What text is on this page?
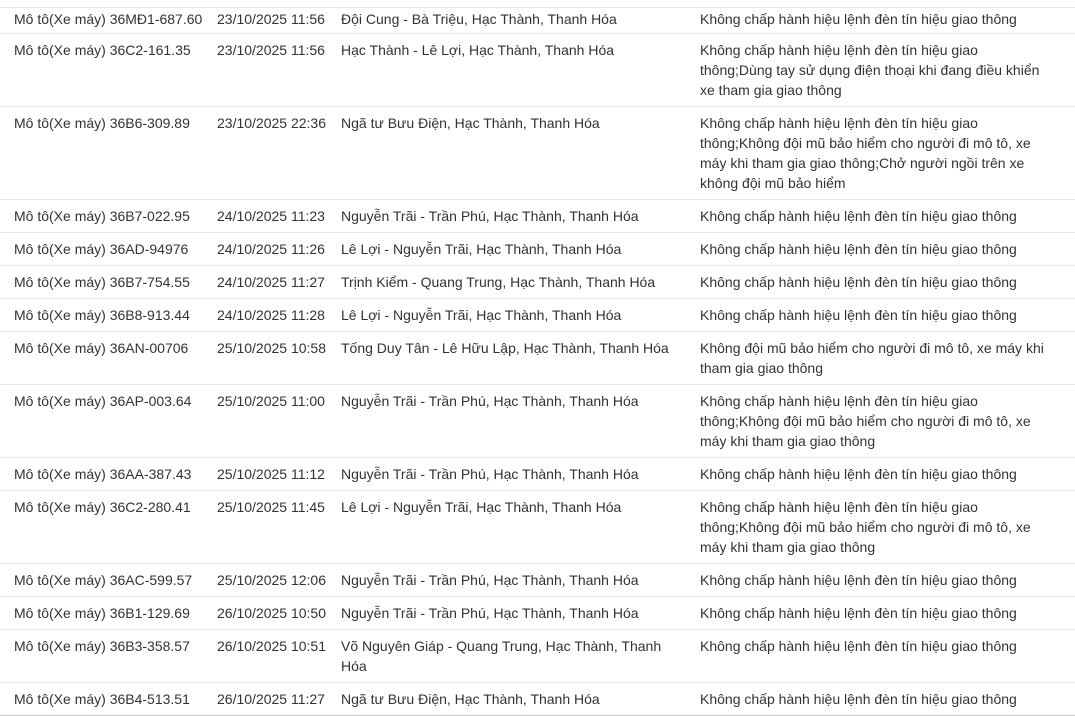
Mô tô(Xe máy) 36MĐ1-687.60	23/10/2025 11:56	Đội Cung - Bà Triệu, Hạc Thành, Thanh Hóa	Không chấp hành hiệu lệnh đèn tín hiệu giao thông
Mô tô(Xe máy) 36C2-161.35	23/10/2025 11:56	Hạc Thành - Lê Lợi, Hạc Thành, Thanh Hóa	Không chấp hành hiệu lệnh đèn tín hiệu giao thông;Dùng tay sử dụng điện thoại khi đang điều khiển xe tham gia giao thông
Mô tô(Xe máy) 36B6-309.89	23/10/2025 22:36	Ngã tư Bưu Điện, Hạc Thành, Thanh Hóa	Không chấp hành hiệu lệnh đèn tín hiệu giao thông;Không đội mũ bảo hiểm cho người đi mô tô, xe máy khi tham gia giao thông;Chở người ngồi trên xe không đội mũ bảo hiểm
Mô tô(Xe máy) 36B7-022.95	24/10/2025 11:23	Nguyễn Trãi - Trần Phú, Hạc Thành, Thanh Hóa	Không chấp hành hiệu lệnh đèn tín hiệu giao thông
Mô tô(Xe máy) 36AD-94976	24/10/2025 11:26	Lê Lợi - Nguyễn Trãi, Hạc Thành, Thanh Hóa	Không chấp hành hiệu lệnh đèn tín hiệu giao thông
Mô tô(Xe máy) 36B7-754.55	24/10/2025 11:27	Trịnh Kiểm - Quang Trung, Hạc Thành, Thanh Hóa	Không chấp hành hiệu lệnh đèn tín hiệu giao thông
Mô tô(Xe máy) 36B8-913.44	24/10/2025 11:28	Lê Lợi - Nguyễn Trãi, Hạc Thành, Thanh Hóa	Không chấp hành hiệu lệnh đèn tín hiệu giao thông
Mô tô(Xe máy) 36AN-00706	25/10/2025 10:58	Tống Duy Tân - Lê Hữu Lập, Hạc Thành, Thanh Hóa	Không đội mũ bảo hiểm cho người đi mô tô, xe máy khi tham gia giao thông
Mô tô(Xe máy) 36AP-003.64	25/10/2025 11:00	Nguyễn Trãi - Trần Phú, Hạc Thành, Thanh Hóa	Không chấp hành hiệu lệnh đèn tín hiệu giao thông;Không đội mũ bảo hiểm cho người đi mô tô, xe máy khi tham gia giao thông
Mô tô(Xe máy) 36AA-387.43	25/10/2025 11:12	Nguyễn Trãi - Trần Phú, Hạc Thành, Thanh Hóa	Không chấp hành hiệu lệnh đèn tín hiệu giao thông
Mô tô(Xe máy) 36C2-280.41	25/10/2025 11:45	Lê Lợi - Nguyễn Trãi, Hạc Thành, Thanh Hóa	Không chấp hành hiệu lệnh đèn tín hiệu giao thông;Không đội mũ bảo hiểm cho người đi mô tô, xe máy khi tham gia giao thông
Mô tô(Xe máy) 36AC-599.57	25/10/2025 12:06	Nguyễn Trãi - Trần Phú, Hạc Thành, Thanh Hóa	Không chấp hành hiệu lệnh đèn tín hiệu giao thông
Mô tô(Xe máy) 36B1-129.69	26/10/2025 10:50	Nguyễn Trãi - Trần Phú, Hạc Thành, Thanh Hóa	Không chấp hành hiệu lệnh đèn tín hiệu giao thông
Mô tô(Xe máy) 36B3-358.57	26/10/2025 10:51	Võ Nguyên Giáp - Quang Trung, Hạc Thành, Thanh Hóa	Không chấp hành hiệu lệnh đèn tín hiệu giao thông
Mô tô(Xe máy) 36B4-513.51	26/10/2025 11:27	Ngã tư Bưu Điện, Hạc Thành, Thanh Hóa	Không chấp hành hiệu lệnh đèn tín hiệu giao thông
